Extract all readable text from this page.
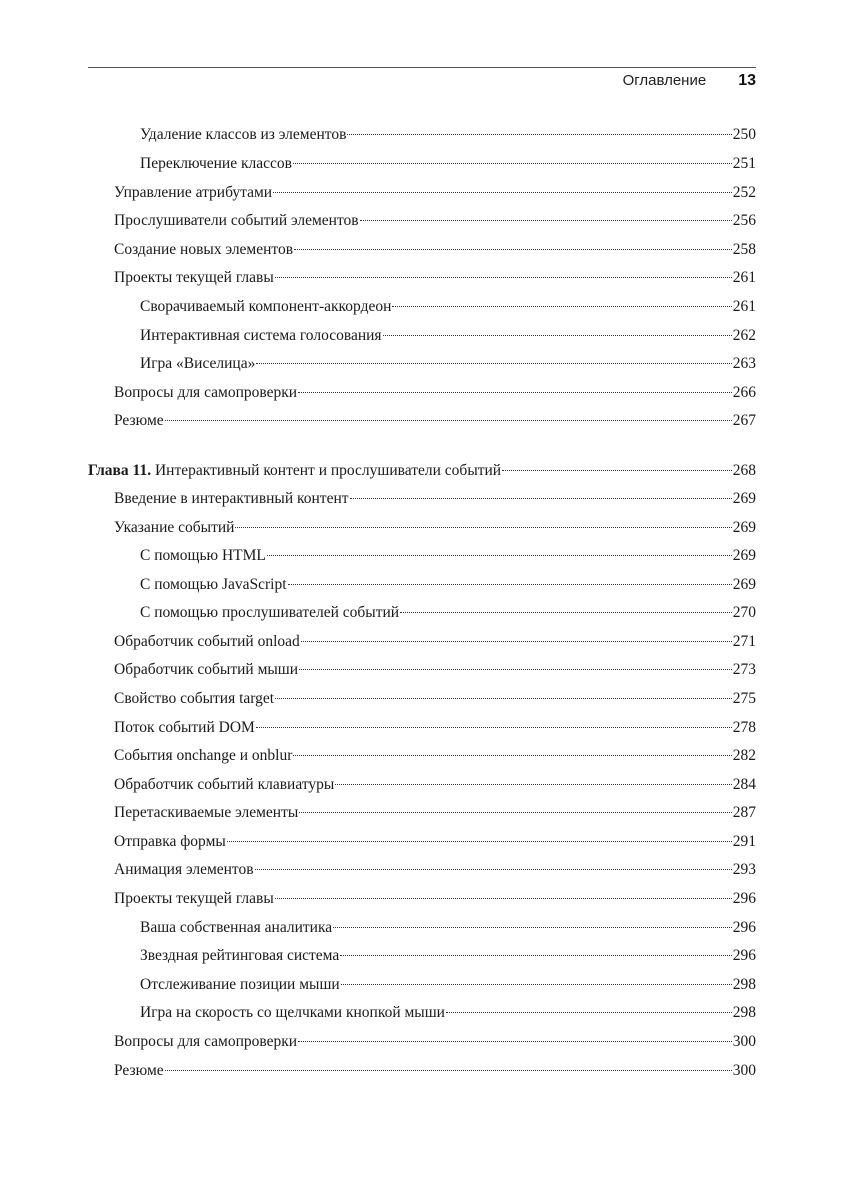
Оглавление 13
Удаление классов из элементов	250
Переключение классов	251
Управление атрибутами	252
Прослушиватели событий элементов	256
Создание новых элементов	258
Проекты текущей главы	261
Сворачиваемый компонент-аккордеон	261
Интерактивная система голосования	262
Игра «Виселица»	263
Вопросы для самопроверки	266
Резюме	267
Глава 11. Интерактивный контент и прослушиватели событий	268
Введение в интерактивный контент	269
Указание событий	269
С помощью HTML	269
С помощью JavaScript	269
С помощью прослушивателей событий	270
Обработчик событий onload	271
Обработчик событий мыши	273
Свойство события target	275
Поток событий DOM	278
События onchange и onblur	282
Обработчик событий клавиатуры	284
Перетаскиваемые элементы	287
Отправка формы	291
Анимация элементов	293
Проекты текущей главы	296
Ваша собственная аналитика	296
Звездная рейтинговая система	296
Отслеживание позиции мыши	298
Игра на скорость со щелчками кнопкой мыши	298
Вопросы для самопроверки	300
Резюме	300
